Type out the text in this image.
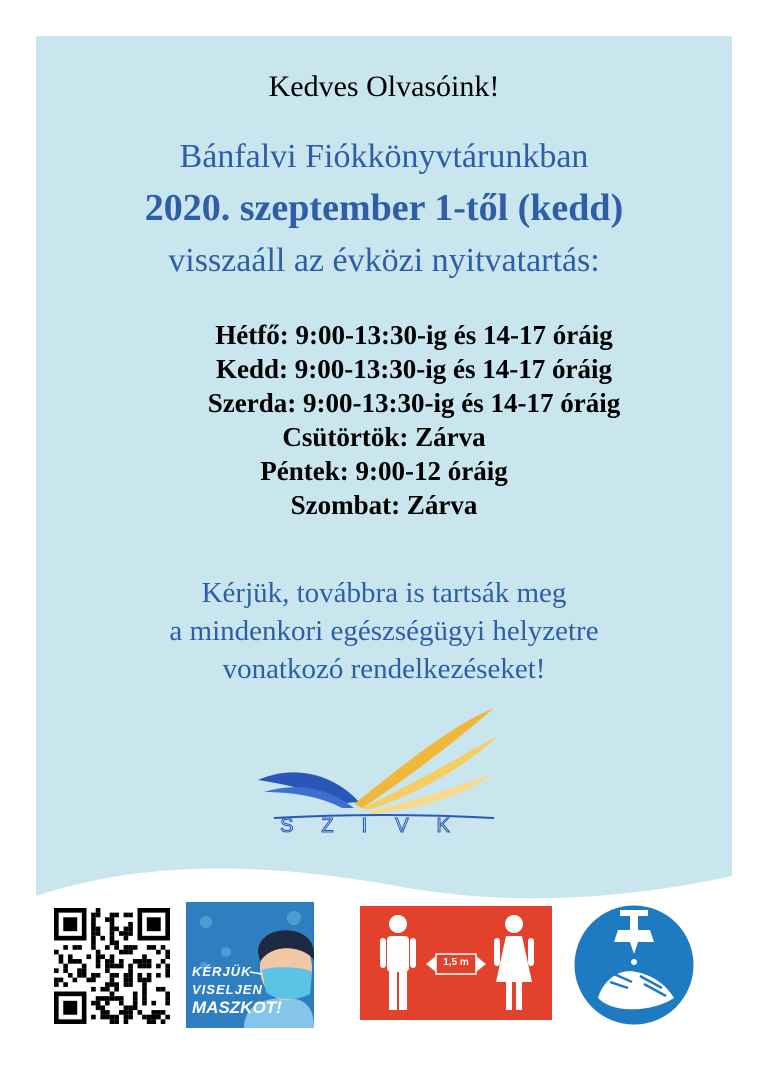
Kedves Olvasóink!
Bánfalvi Fiókkönyvtárunkban
2020. szeptember 1-től (kedd)
visszaáll az évközi nyitvatartás:
Hétfő: 9:00-13:30-ig és 14-17 óráig
Kedd: 9:00-13:30-ig és 14-17 óráig
Szerda: 9:00-13:30-ig és 14-17 óráig
Csütörtök: Zárva
Péntek: 9:00-12 óráig
Szombat: Zárva
Kérjük, továbbra is tartsák meg
a mindenkori egészségügyi helyzetre
vonatkozó rendelkezéseket!
SZIVK
KÉRJÜK
VISELJEN
MASZKOT!
1,5 m
